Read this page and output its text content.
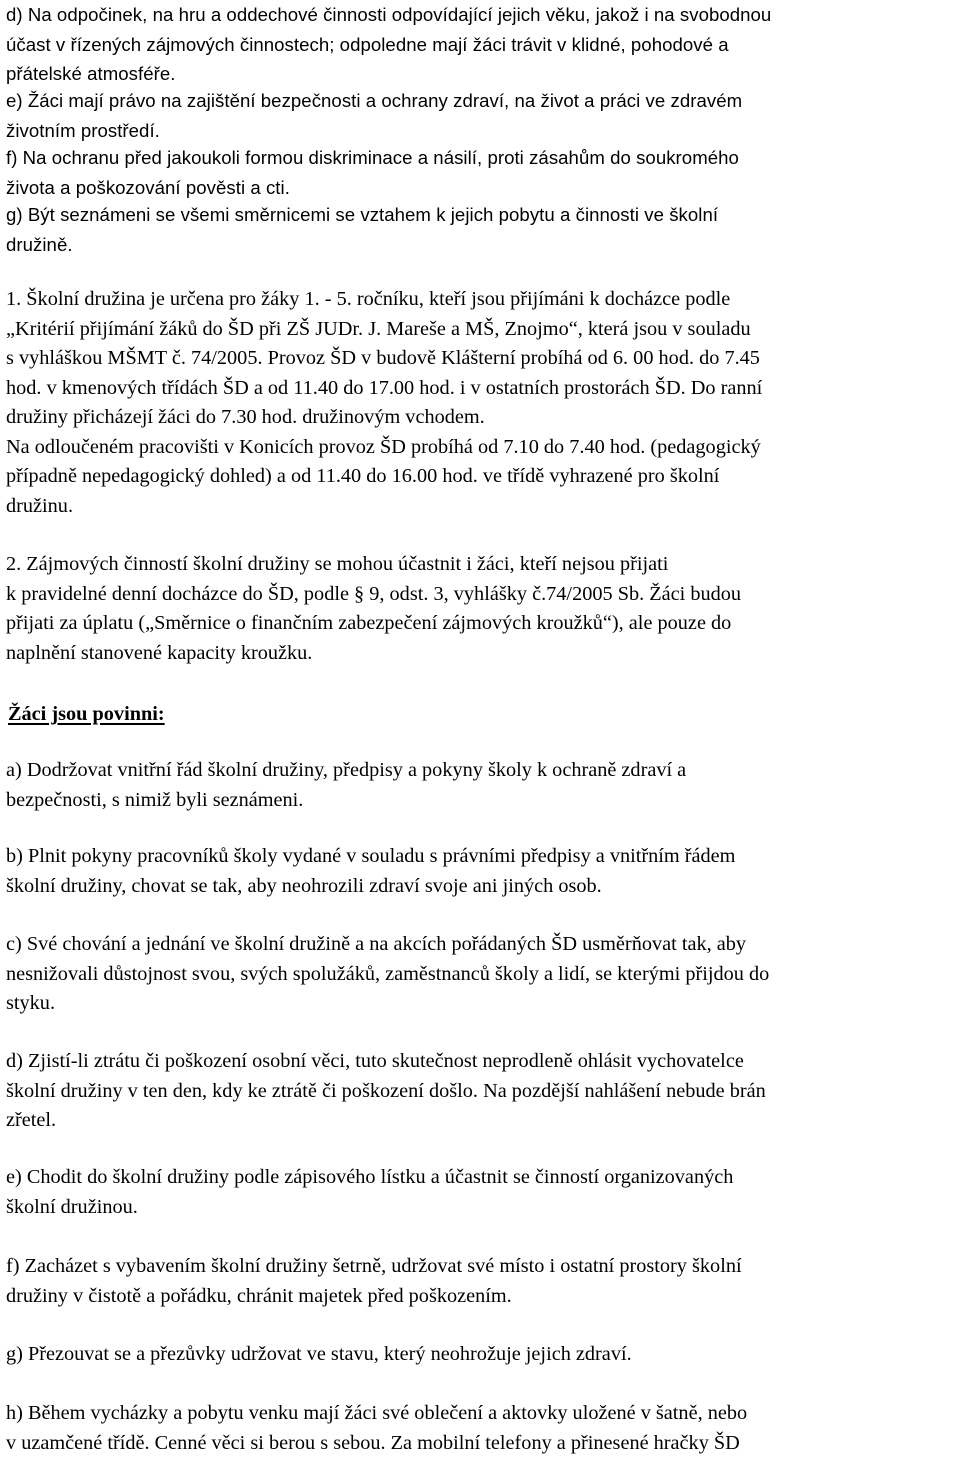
d) Na odpočinek, na hru a oddechové činnosti odpovídající jejich věku, jakož i na svobodnou
účast v řízených zájmových činnostech; odpoledne mají žáci trávit v klidné, pohodové a
přátelské atmosféře.
e) Žáci mají právo na zajištění bezpečnosti a ochrany zdraví, na život a práci ve zdravém
životním prostředí.
f) Na ochranu před jakoukoli formou diskriminace a násilí, proti zásahům do soukromého
života a poškozování pověsti a cti.
g) Být seznámeni se všemi směrnicemi se vztahem k jejich pobytu a činnosti ve školní
družině.
1. Školní družina je určena pro žáky 1. - 5. ročníku, kteří jsou přijímáni k docházce podle
„Kritérií přijímání žáků do ŠD při ZŠ JUDr. J. Mareše a MŠ, Znojmo“, která jsou v souladu
s vyhláškou MŠMT č. 74/2005. Provoz ŠD v budově Klášterní probíhá od 6. 00 hod. do 7.45
hod. v kmenových třídách ŠD a od 11.40 do 17.00 hod. i v ostatních prostorách ŠD. Do ranní
družiny přicházejí žáci do 7.30 hod. družinovým vchodem.
Na odloučeném pracovišti v Konicích provoz ŠD probíhá od 7.10 do 7.40 hod. (pedagogický
případně nepedagogický dohled) a od 11.40 do 16.00 hod. ve třídě vyhrazené pro školní
družinu.
2. Zájmových činností školní družiny se mohou účastnit i žáci, kteří nejsou přijati
k pravidelné denní docházce do ŠD, podle § 9, odst. 3, vyhlášky č.74/2005 Sb. Žáci budou
přijati za úplatu („Směrnice o finančním zabezpečení zájmových kroužků“), ale pouze do
naplnění stanovené kapacity kroužku.
Žáci jsou povinni:
a) Dodržovat vnitřní řád školní družiny, předpisy a pokyny školy k ochraně zdraví a
bezpečnosti, s nimiž byli seznámeni.
b) Plnit pokyny pracovníků školy vydané v souladu s právními předpisy a vnitřním řádem
školní družiny, chovat se tak, aby neohrozili zdraví svoje ani jiných osob.
c) Své chování a jednání ve školní družině a na akcích pořádaných ŠD usměrňovat tak, aby
nesnižovali důstojnost svou, svých spolužáků, zaměstnanců školy a lidí, se kterými přijdou do
styku.
d) Zjistí-li ztrátu či poškození osobní věci, tuto skutečnost neprodleně ohlásit vychovatelce
školní družiny v ten den, kdy ke ztrátě či poškození došlo. Na pozdější nahlášení nebude brán
zřetel.
e) Chodit do školní družiny podle zápisového lístku a účastnit se činností organizovaných
školní družinou.
f) Zacházet s vybavením školní družiny šetrně, udržovat své místo i ostatní prostory školní
družiny v čistotě a pořádku, chránit majetek před poškozením.
g) Přezouvat se a přezůvky udržovat ve stavu, který neohrožuje jejich zdraví.
h) Během vycházky a pobytu venku mají žáci své oblečení a aktovky uložené v šatně, nebo
v uzamčené třídě. Cenné věci si berou s sebou. Za mobilní telefony a přinesené hračky ŠD
